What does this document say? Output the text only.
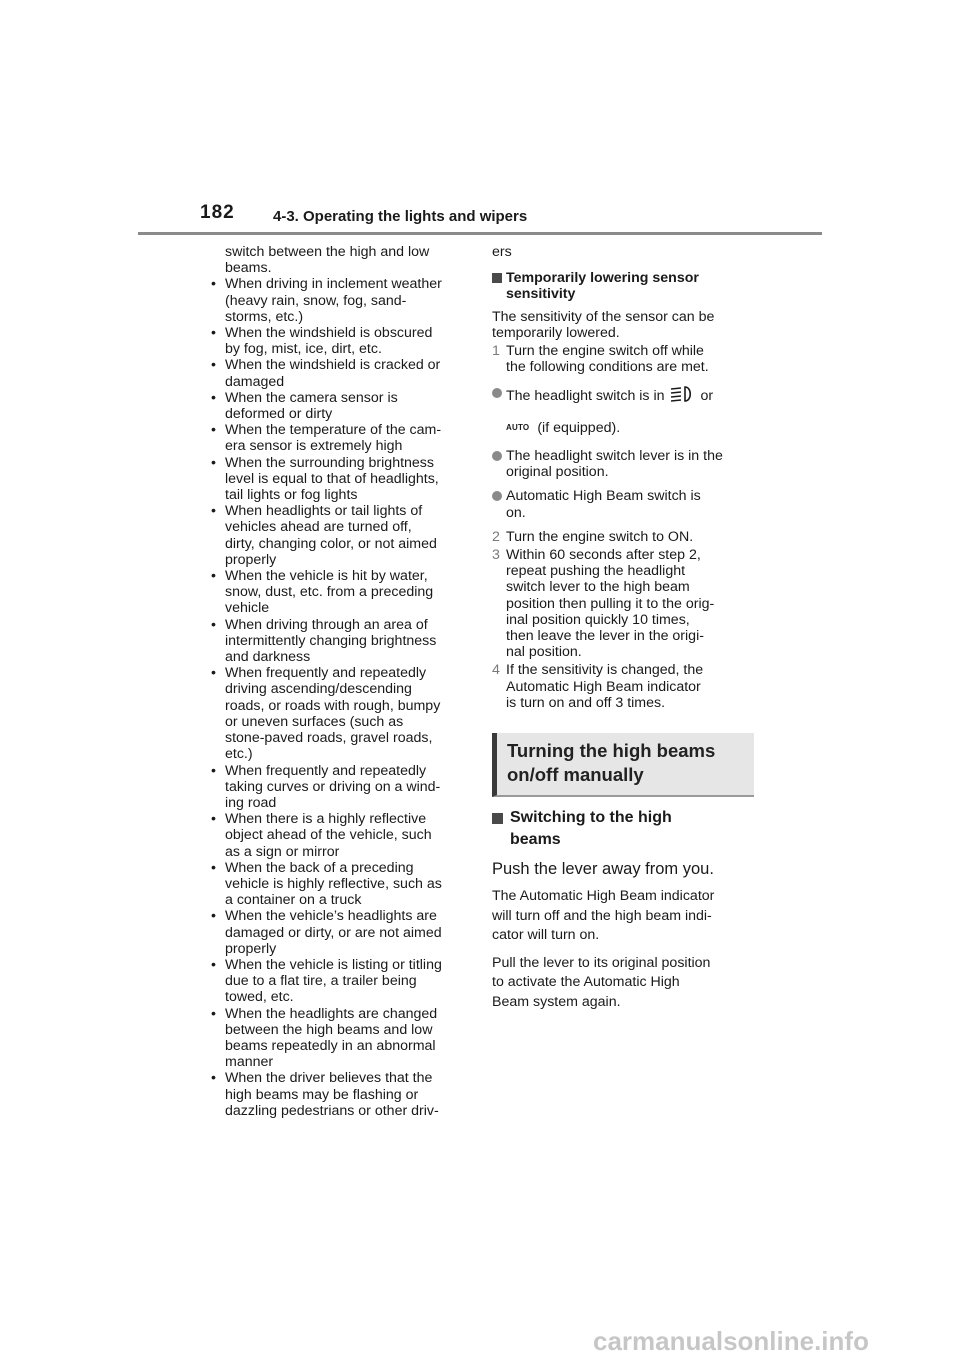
182	4-3. Operating the lights and wipers
switch between the high and low
beams.
• When driving in inclement weather
(heavy rain, snow, fog, sand-
storms, etc.)
• When the windshield is obscured
by fog, mist, ice, dirt, etc.
• When the windshield is cracked or
damaged
• When the camera sensor is
deformed or dirty
• When the temperature of the cam-
era sensor is extremely high
• When the surrounding brightness
level is equal to that of headlights,
tail lights or fog lights
• When headlights or tail lights of
vehicles ahead are turned off,
dirty, changing color, or not aimed
properly
• When the vehicle is hit by water,
snow, dust, etc. from a preceding
vehicle
• When driving through an area of
intermittently changing brightness
and darkness
• When frequently and repeatedly
driving ascending/descending
roads, or roads with rough, bumpy
or uneven surfaces (such as
stone-paved roads, gravel roads,
etc.)
• When frequently and repeatedly
taking curves or driving on a wind-
ing road
• When there is a highly reflective
object ahead of the vehicle, such
as a sign or mirror
• When the back of a preceding
vehicle is highly reflective, such as
a container on a truck
• When the vehicle’s headlights are
damaged or dirty, or are not aimed
properly
• When the vehicle is listing or titling
due to a flat tire, a trailer being
towed, etc.
• When the headlights are changed
between the high beams and low
beams repeatedly in an abnormal
manner
• When the driver believes that the
high beams may be flashing or
dazzling pedestrians or other driv-
ers
Temporarily lowering sensor
sensitivity
The sensitivity of the sensor can be
temporarily lowered.
1 Turn the engine switch off while
the following conditions are met.
The headlight switch is in	or
AUTO (if equipped).
The headlight switch lever is in the
original position.
Automatic High Beam switch is
on.
2 Turn the engine switch to ON.
3 Within 60 seconds after step 2,
repeat pushing the headlight
switch lever to the high beam
position then pulling it to the orig-
inal position quickly 10 times,
then leave the lever in the origi-
nal position.
4 If the sensitivity is changed, the
Automatic High Beam indicator
is turn on and off 3 times.
Turning the high beams
on/off manually
Switching to the high
beams
Push the lever away from you.
The Automatic High Beam indicator
will turn off and the high beam indi-
cator will turn on.
Pull the lever to its original position
to activate the Automatic High
Beam system again.
carmanualsonline.info
